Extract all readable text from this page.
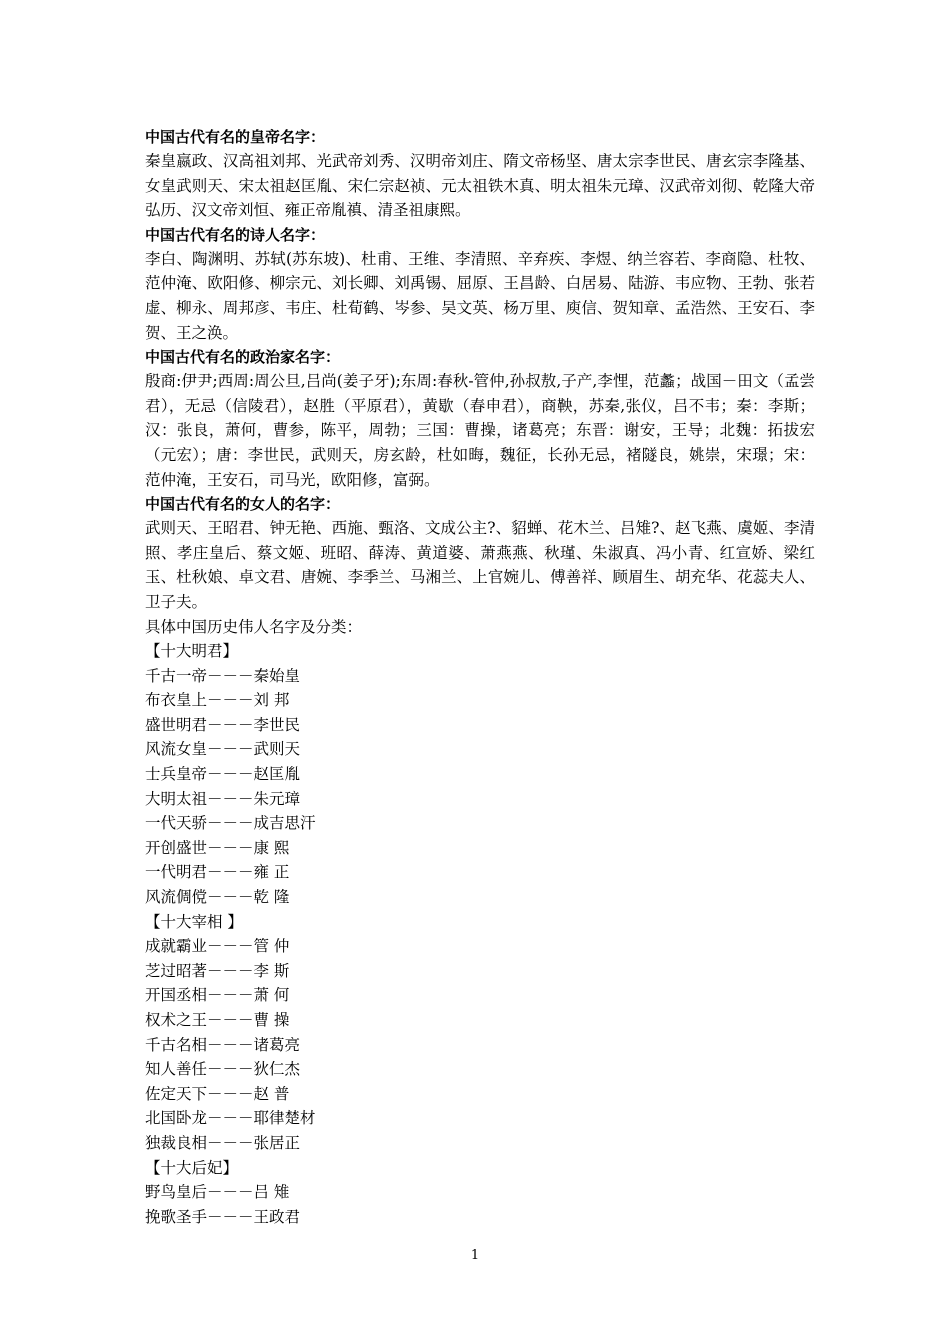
中国古代有名的皇帝名字：

秦皇嬴政、汉高祖刘邦、光武帝刘秀、汉明帝刘庄、隋文帝杨坚、唐太宗李世民、唐玄宗李隆基、女皇武则天、宋太祖赵匡胤、宋仁宗赵祯、元太祖铁木真、明太祖朱元璋、汉武帝刘彻、乾隆大帝弘历、汉文帝刘恒、雍正帝胤禛、清圣祖康熙。

中国古代有名的诗人名字：

李白、陶渊明、苏轼(苏东坡)、杜甫、王维、李清照、辛弃疾、李煜、纳兰容若、李商隐、杜牧、范仲淹、欧阳修、柳宗元、刘长卿、刘禹锡、屈原、王昌龄、白居易、陆游、韦应物、王勃、张若虚、柳永、周邦彦、韦庄、杜荀鹤、岑参、吴文英、杨万里、庾信、贺知章、孟浩然、王安石、李贺、王之涣。

中国古代有名的政治家名字：

殷商:伊尹;西周:周公旦,吕尚(姜子牙);东周:春秋-管仲,孙叔敖,子产,李悝，范蠡；战国－田文（孟尝君），无忌（信陵君），赵胜（平原君），黄歇（春申君），商鞅，苏秦,张仪，吕不韦；秦：李斯；汉：张良，萧何，曹参，陈平，周勃；三国：曹操，诸葛亮；东晋：谢安，王导；北魏：拓拔宏（元宏）；唐：李世民，武则天，房玄龄，杜如晦，魏征，长孙无忌，褚隧良，姚崇，宋璟；宋：范仲淹，王安石，司马光，欧阳修，富弼。

中国古代有名的女人的名字：

武则天、王昭君、钟无艳、西施、甄洛、文成公主?、貂蝉、花木兰、吕雉?、赵飞燕、虞姬、李清照、孝庄皇后、蔡文姬、班昭、薛涛、黄道婆、萧燕燕、秋瑾、朱淑真、冯小青、红宣娇、梁红玉、杜秋娘、卓文君、唐婉、李季兰、马湘兰、上官婉儿、傅善祥、顾眉生、胡充华、花蕊夫人、卫子夫。

具体中国历史伟人名字及分类：

【十大明君】

千古一帝－－－秦始皇

布衣皇上－－－刘 邦

盛世明君－－－李世民

风流女皇－－－武则天

士兵皇帝－－－赵匡胤

大明太祖－－－朱元璋

一代天骄－－－成吉思汗

开创盛世－－－康 熙

一代明君－－－雍 正

风流倜傥－－－乾 隆

【十大宰相 】

成就霸业－－－管 仲

芝过昭著－－－李 斯

开国丞相－－－萧 何

权术之王－－－曹 操

千古名相－－－诸葛亮

知人善任－－－狄仁杰

佐定天下－－－赵 普

北国卧龙－－－耶律楚材

独裁良相－－－张居正

【十大后妃】

野鸟皇后－－－吕 雉

挽歌圣手－－－王政君

1
